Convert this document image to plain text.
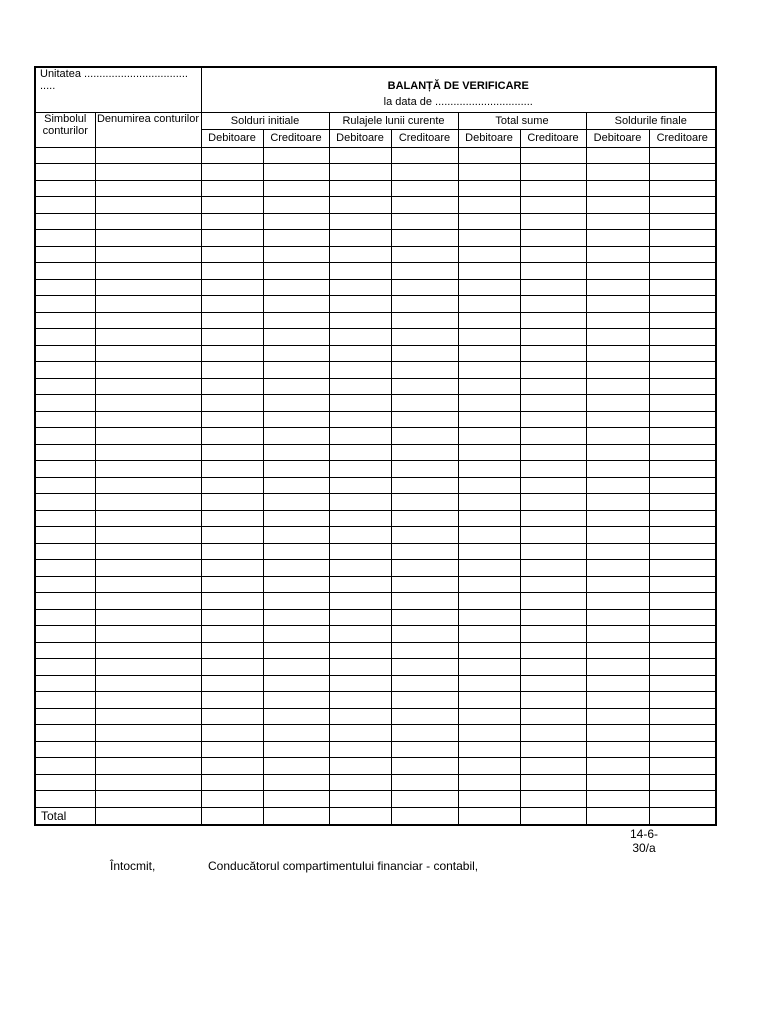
Unitatea .................................. .....		BALANȚĂ DE VERIFICARE
la data de ................................							

Simbolul conturilor	Denumirea conturilor	Solduri initiale		Rulajele lunii curente		Total sume		Soldurile finale	
		Debitoare	Creditoare	Debitoare	Creditoare	Debitoare	Creditoare	Debitoare	Creditoare

Total									
14-6-
30/a
Întocmit,	Conducătorul compartimentului financiar - contabil,
